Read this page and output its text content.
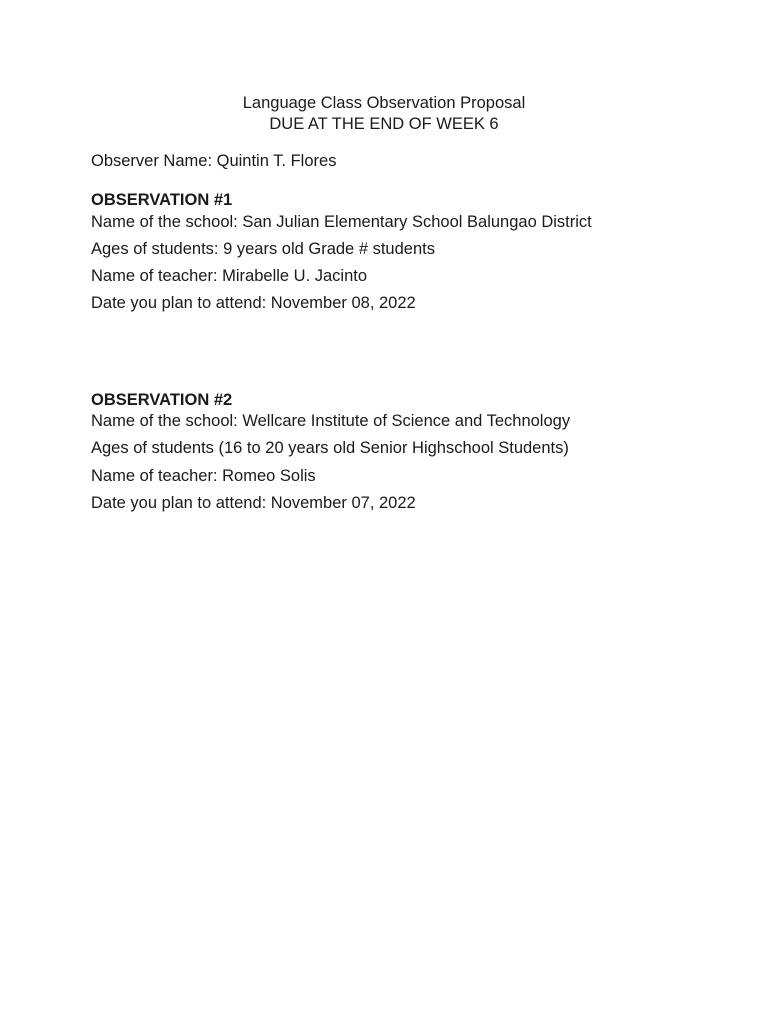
Language Class Observation Proposal
DUE AT THE END OF WEEK 6
Observer Name: Quintin T. Flores
OBSERVATION #1
Name of the school: San Julian Elementary School Balungao District
Ages of students: 9 years old Grade # students
Name of teacher: Mirabelle U. Jacinto
Date you plan to attend: November 08, 2022
OBSERVATION #2
Name of the school: Wellcare Institute of Science and Technology
Ages of students (16 to 20 years old Senior Highschool Students)
Name of teacher: Romeo Solis
Date you plan to attend: November 07, 2022
